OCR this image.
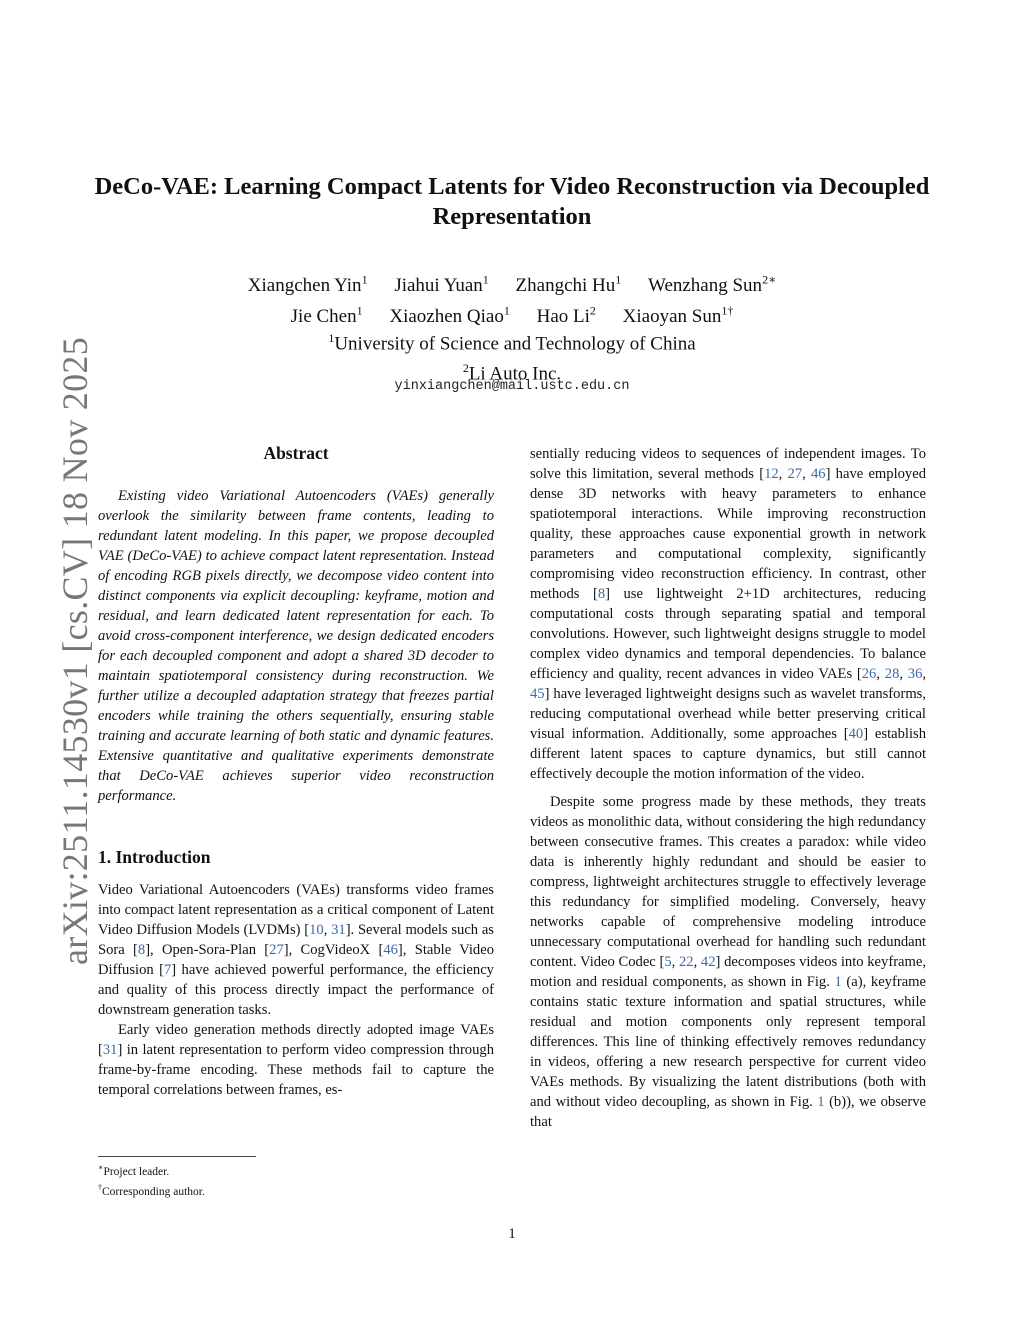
arXiv:2511.14530v1 [cs.CV] 18 Nov 2025
DeCo-VAE: Learning Compact Latents for Video Reconstruction via Decoupled Representation
Xiangchen Yin$^1$ Jiahui Yuan$^1$ Zhangchi Hu$^1$ Wenzhang Sun$^{2∗}$
Jie Chen$^1$ Xiaozhen Qiao$^1$ Hao Li$^2$ Xiaoyan Sun$^{1\dagger}$
$^1$University of Science and Technology of China
$^2$Li Auto Inc.
yinxiangchen@mail.ustc.edu.cn
Abstract

Existing video Variational Autoencoders (VAEs) generally overlook the similarity between frame contents, leading to redundant latent modeling. In this paper, we propose decoupled VAE (DeCo-VAE) to achieve compact latent representation. Instead of encoding RGB pixels directly, we decompose video content into distinct components via explicit decoupling: keyframe, motion and residual, and learn dedicated latent representation for each. To avoid cross-component interference, we design dedicated encoders for each decoupled component and adopt a shared 3D decoder to maintain spatiotemporal consistency during reconstruction. We further utilize a decoupled adaptation strategy that freezes partial encoders while training the others sequentially, ensuring stable training and accurate learning of both static and dynamic features. Extensive quantitative and qualitative experiments demonstrate that DeCo-VAE achieves superior video reconstruction performance.

1. Introduction

Video Variational Autoencoders (VAEs) transforms video frames into compact latent representation as a critical component of Latent Video Diffusion Models (LVDMs) [10, 31]. Several models such as Sora [8], Open-Sora-Plan [27], CogVideoX [46], Stable Video Diffusion [7] have achieved powerful performance, the efficiency and quality of this process directly impact the performance of downstream generation tasks.

Early video generation methods directly adopted image VAEs [31] in latent representation to perform video compression through frame-by-frame encoding. These methods fail to capture the temporal correlations between frames, es-

sentially reducing videos to sequences of independent images. To solve this limitation, several methods [12, 27, 46] have employed dense 3D networks with heavy parameters to enhance spatiotemporal interactions. While improving reconstruction quality, these approaches cause exponential growth in network parameters and computational complexity, significantly compromising video reconstruction efficiency. In contrast, other methods [8] use lightweight 2+1D architectures, reducing computational costs through separating spatial and temporal convolutions. However, such lightweight designs struggle to model complex video dynamics and temporal dependencies. To balance efficiency and quality, recent advances in video VAEs [26, 28, 36, 45] have leveraged lightweight designs such as wavelet transforms, reducing computational overhead while better preserving critical visual information. Additionally, some approaches [40] establish different latent spaces to capture dynamics, but still cannot effectively decouple the motion information of the video.

Despite some progress made by these methods, they treats videos as monolithic data, without considering the high redundancy between consecutive frames. This creates a paradox: while video data is inherently highly redundant and should be easier to compress, lightweight architectures struggle to effectively leverage this redundancy for simplified modeling. Conversely, heavy networks capable of comprehensive modeling introduce unnecessary computational overhead for handling such redundant content. Video Codec [5, 22, 42] decomposes videos into keyframe, motion and residual components, as shown in Fig. 1 (a), keyframe contains static texture information and spatial structures, while residual and motion components only represent temporal differences. This line of thinking effectively removes redundancy in videos, offering a new research perspective for current video VAEs methods. By visualizing the latent distributions (both with and without video decoupling, as shown in Fig. 1 (b)), we observe that

∗Project leader.
†Corresponding author.
1
